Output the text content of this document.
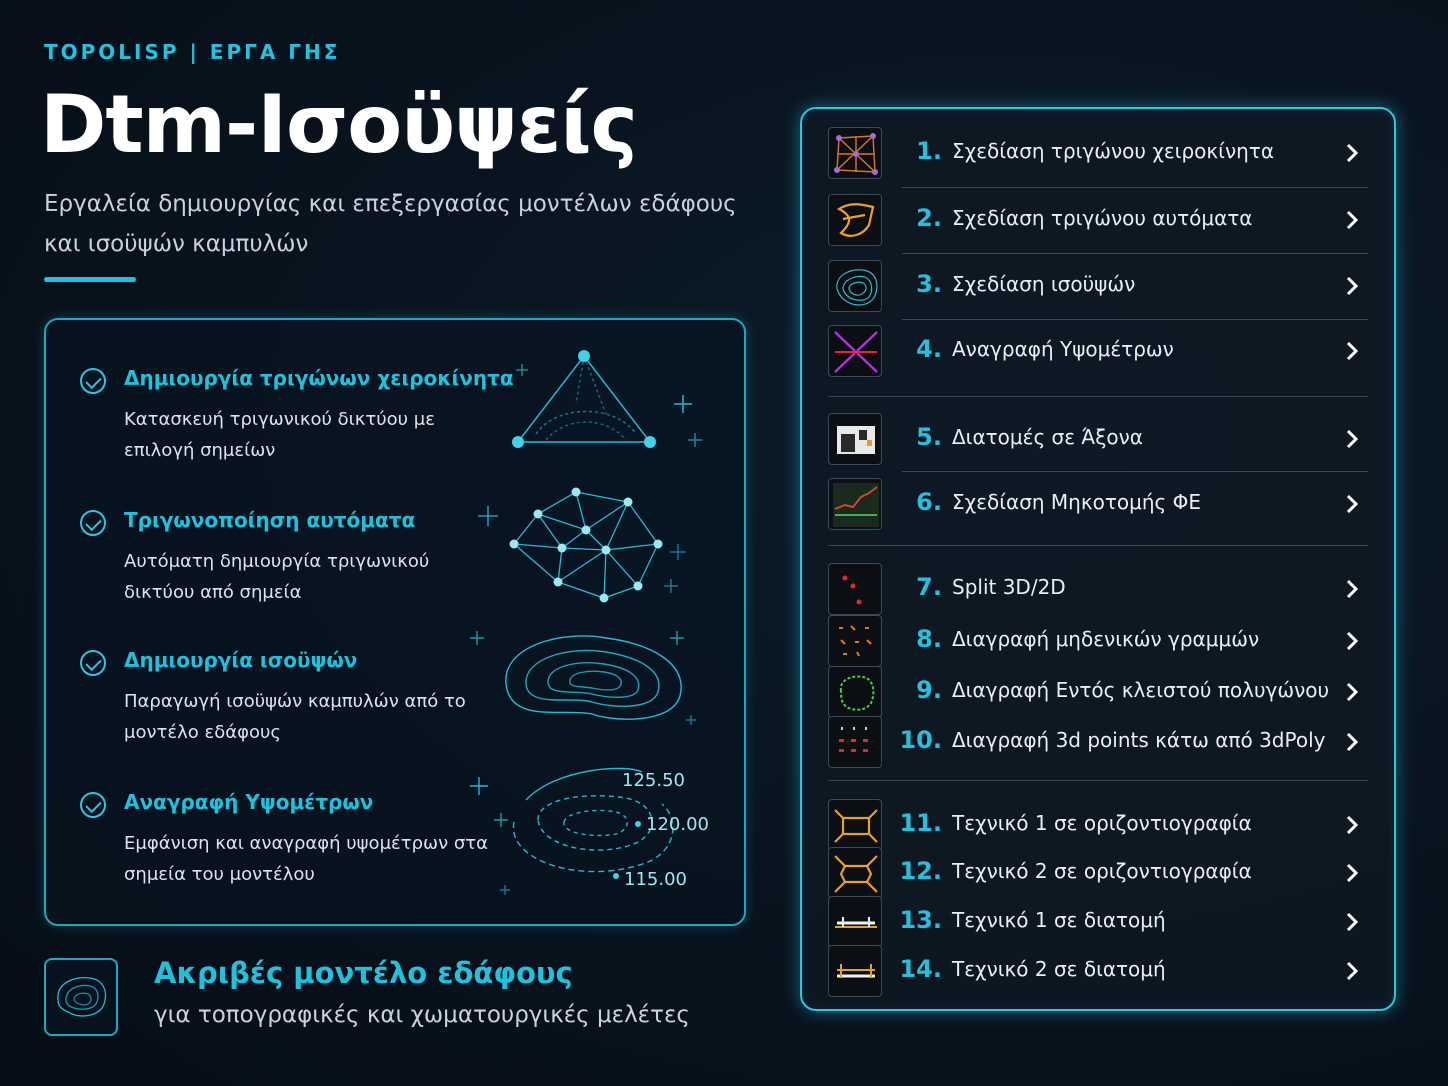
TOPOLISP | ΕΡΓΑ ΓΗΣ
Dtm-Ισοϋψείς
Εργαλεία δημιουργίας και επεξεργασίας μοντέλων εδάφους και ισοϋψών καμπυλών
Δημιουργία τριγώνων χειροκίνητα
Κατασκευή τριγωνικού δικτύου με επιλογή σημείων
Τριγωνοποίηση αυτόματα
Αυτόματη δημιουργία τριγωνικού δικτύου από σημεία
Δημιουργία ισοϋψών
Παραγωγή ισοϋψών καμπυλών από το μοντέλο εδάφους
Αναγραφή Υψομέτρων
Εμφάνιση και αναγραφή υψομέτρων στα σημεία του μοντέλου
125.50
120.00
115.00
Ακριβές μοντέλο εδάφους
για τοπογραφικές και χωματουργικές μελέτες
1. Σχεδίαση τριγώνου χειροκίνητα
2. Σχεδίαση τριγώνου αυτόματα
3. Σχεδίαση ισοϋψών
4. Αναγραφή Υψομέτρων
5. Διατομές σε Άξονα
6. Σχεδίαση Μηκοτομής ΦΕ
7. Split 3D/2D
8. Διαγραφή μηδενικών γραμμών
9. Διαγραφή Εντός κλειστού πολυγώνου
10. Διαγραφή 3d points κάτω από 3dPoly
11. Τεχνικό 1 σε οριζοντιογραφία
12. Τεχνικό 2 σε οριζοντιογραφία
13. Τεχνικό 1 σε διατομή
14. Τεχνικό 2 σε διατομή
